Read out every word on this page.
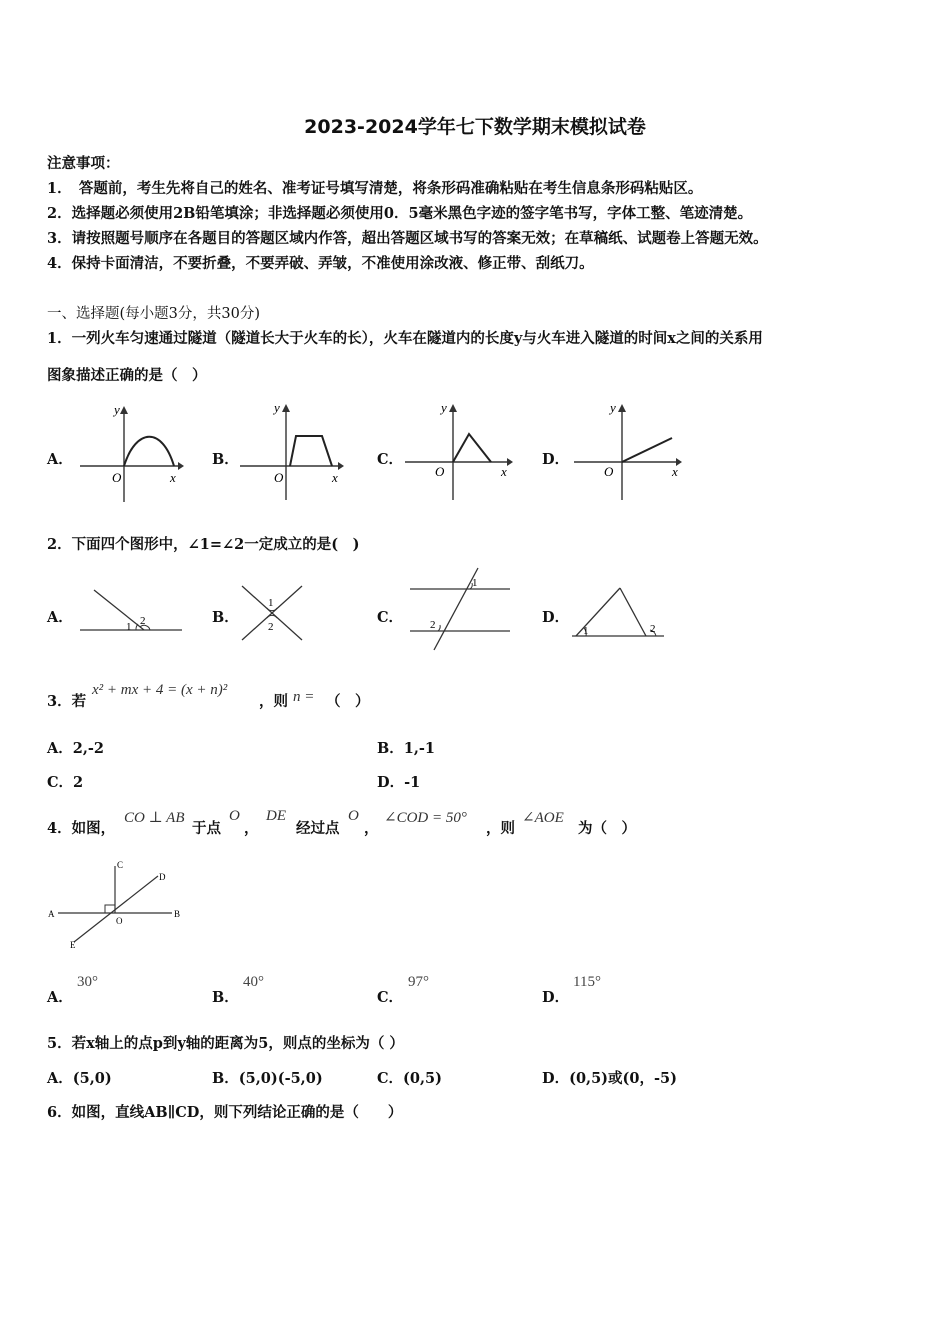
2023-2024学年七下数学期末模拟试卷
注意事项：
1．　答题前，考生先将自己的姓名、准考证号填写清楚，将条形码准确粘贴在考生信息条形码粘贴区。
2．选择题必须使用2B铅笔填涂；非选择题必须使用0．5毫米黑色字迹的签字笔书写，字体工整、笔迹清楚。
3．请按照题号顺序在各题目的答题区域内作答，超出答题区域书写的答案无效；在草稿纸、试题卷上答题无效。
4．保持卡面清洁，不要折叠，不要弄破、弄皱，不准使用涂改液、修正带、刮纸刀。
一、选择题(每小题3分，共30分)
1．一列火车匀速通过隧道（隧道长大于火车的长），火车在隧道内的长度y与火车进入隧道的时间x之间的关系用
图象描述正确的是（　）
A．	B．	C．	D．
y
x
O
y
x
O
y
x
O
y
x
O
2．下面四个图形中，∠1=∠2一定成立的是(　)
A．	B．	C．	D．
1 2
1
2
1
2	1	2
3．若
x² + mx + 4 = (x + n)²
，则 n = （　）
A．2,-2	B．1,-1
C．2	D．-1
4．如图，
CO ⊥ AB
于点
O
，
DE
经过点
O
，
∠COD = 50°
，则
∠AOE
为（　）
A	B
C
D
E
O
A．
30°
B．
40°
C．
97°
D．
115°
5．若x轴上的点p到y轴的距离为5，则点的坐标为（ ）
A．(5,0)	B．(5,0)(-5,0)	C．(0,5)	D．(0,5)或(0，-5)
6．如图，直线AB∥CD，则下列结论正确的是（　　）
